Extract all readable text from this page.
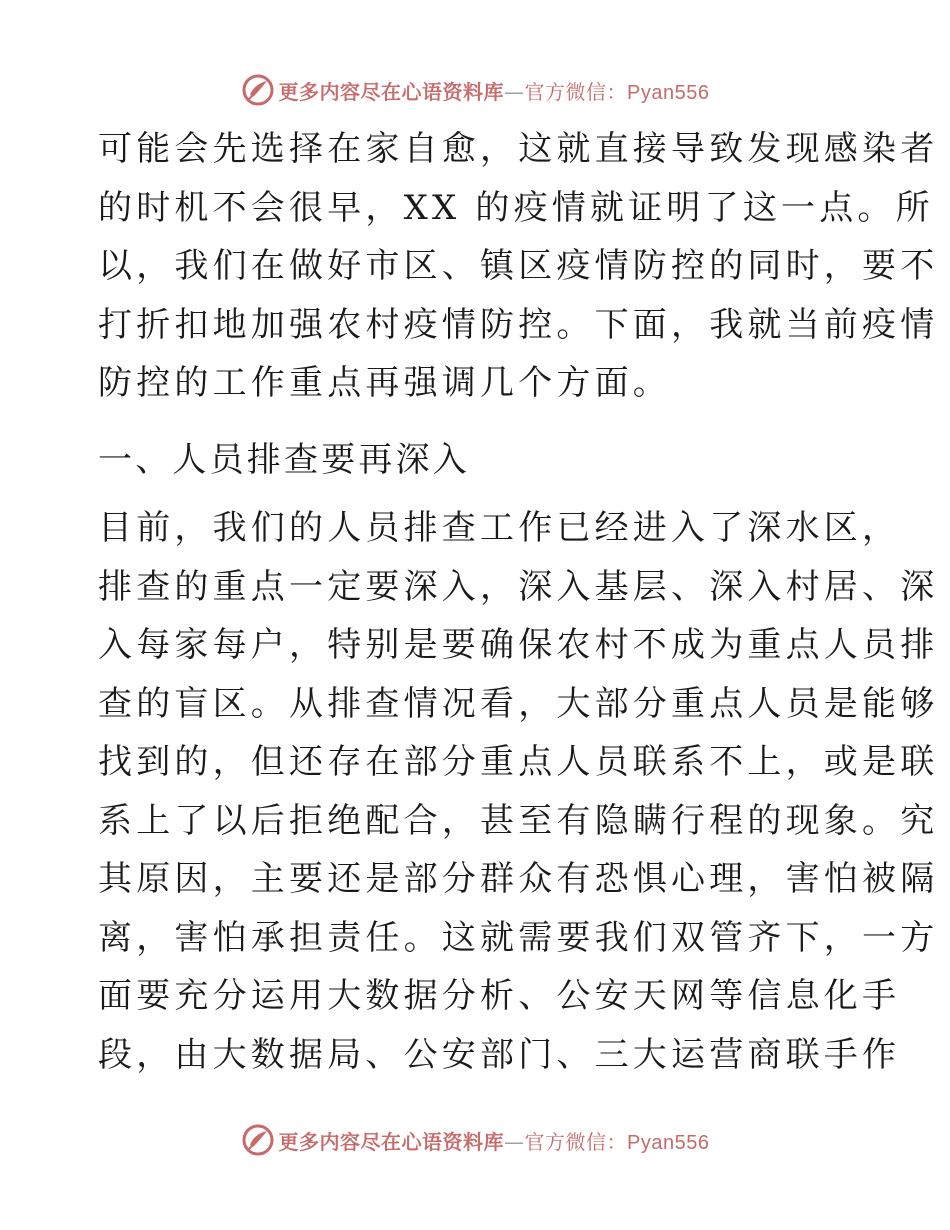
更多内容尽在心语资料库—官方微信：Pyan556
可能会先选择在家自愈，这就直接导致发现感染者
的时机不会很早，XX 的疫情就证明了这一点。所
以，我们在做好市区、镇区疫情防控的同时，要不
打折扣地加强农村疫情防控。下面，我就当前疫情
防控的工作重点再强调几个方面。
一、人员排查要再深入
目前，我们的人员排查工作已经进入了深水区，
排查的重点一定要深入，深入基层、深入村居、深
入每家每户，特别是要确保农村不成为重点人员排
查的盲区。从排查情况看，大部分重点人员是能够
找到的，但还存在部分重点人员联系不上，或是联
系上了以后拒绝配合，甚至有隐瞒行程的现象。究
其原因，主要还是部分群众有恐惧心理，害怕被隔
离，害怕承担责任。这就需要我们双管齐下，一方
面要充分运用大数据分析、公安天网等信息化手
段，由大数据局、公安部门、三大运营商联手作
更多内容尽在心语资料库—官方微信：Pyan556
